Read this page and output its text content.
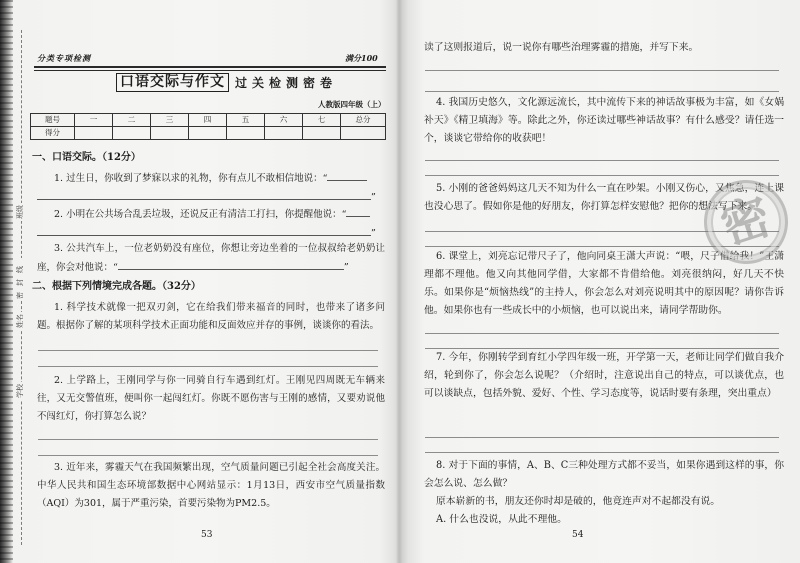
班级
密封线
姓名
学校
分类专项检测	满分100
口语交际与作文 过关检测密卷
人教版四年级（上）
题号	一	二	三	四	五	六	七	总分
得分								
一、口语交际。（12分）
1. 过生日，你收到了梦寐以求的礼物，你有点儿不敢相信地说：“
”
2. 小明在公共场合乱丢垃圾，还说反正有清洁工打扫，你提醒他说：“
”
3. 公共汽车上，一位老奶奶没有座位，你想让旁边坐着的一位叔叔给老奶奶让座，你会对他说：“	”
二、根据下列情境完成各题。（32分）
1. 科学技术就像一把双刃剑，它在给我们带来福音的同时，也带来了诸多问题。根据你了解的某项科学技术正面功能和反面效应并存的事例，谈谈你的看法。
2. 上学路上，王刚同学与你一同骑自行车遇到红灯。王刚见四周既无车辆来往，又无交警值班，便叫你一起闯红灯。你既不愿伤害与王刚的感情，又要劝说他不闯红灯，你打算怎么说？
3. 近年来，雾霾天气在我国频繁出现，空气质量问题已引起全社会高度关注。中华人民共和国生态环境部数据中心网站显示：1月13日，西安市空气质量指数（AQI）为301，属于严重污染，首要污染物为PM2.5。
53
读了这则报道后，说一说你有哪些治理雾霾的措施，并写下来。
4. 我国历史悠久，文化源远流长，其中流传下来的神话故事极为丰富，如《女娲补天》《精卫填海》等。除此之外，你还读过哪些神话故事？有什么感受？请任选一个，谈谈它带给你的收获吧！
5. 小刚的爸爸妈妈这几天不知为什么一直在吵架。小刚又伤心，又焦急，连上课也没心思了。假如你是他的好朋友，你打算怎样安慰他？把你的想法写下来。
6. 课堂上，刘亮忘记带尺子了，他向同桌王潇大声说：“喂，尺子借给我！”王潇理都不理他。他又向其他同学借，大家都不肯借给他。刘亮很纳闷，好几天不快乐。如果你是“烦恼热线”的主持人，你会怎么对刘亮说明其中的原因呢？请你告诉他。如果你也有一些成长中的小烦恼，也可以说出来，请同学帮助你。
7. 今年，你刚转学到育红小学四年级一班，开学第一天，老师让同学们做自我介绍，轮到你了，你会怎么说呢？（介绍时，注意说出自己的特点，可以谈优点，也可以谈缺点，包括外貌、爱好、个性、学习态度等，说话时要有条理，突出重点）
8. 对于下面的事情，A、B、C三种处理方式都不妥当，如果你遇到这样的事，你会怎么说、怎么做？
原本崭新的书，朋友还你时却是破的，他竟连声对不起都没有说。
A. 什么也没说，从此不理他。
54
密
